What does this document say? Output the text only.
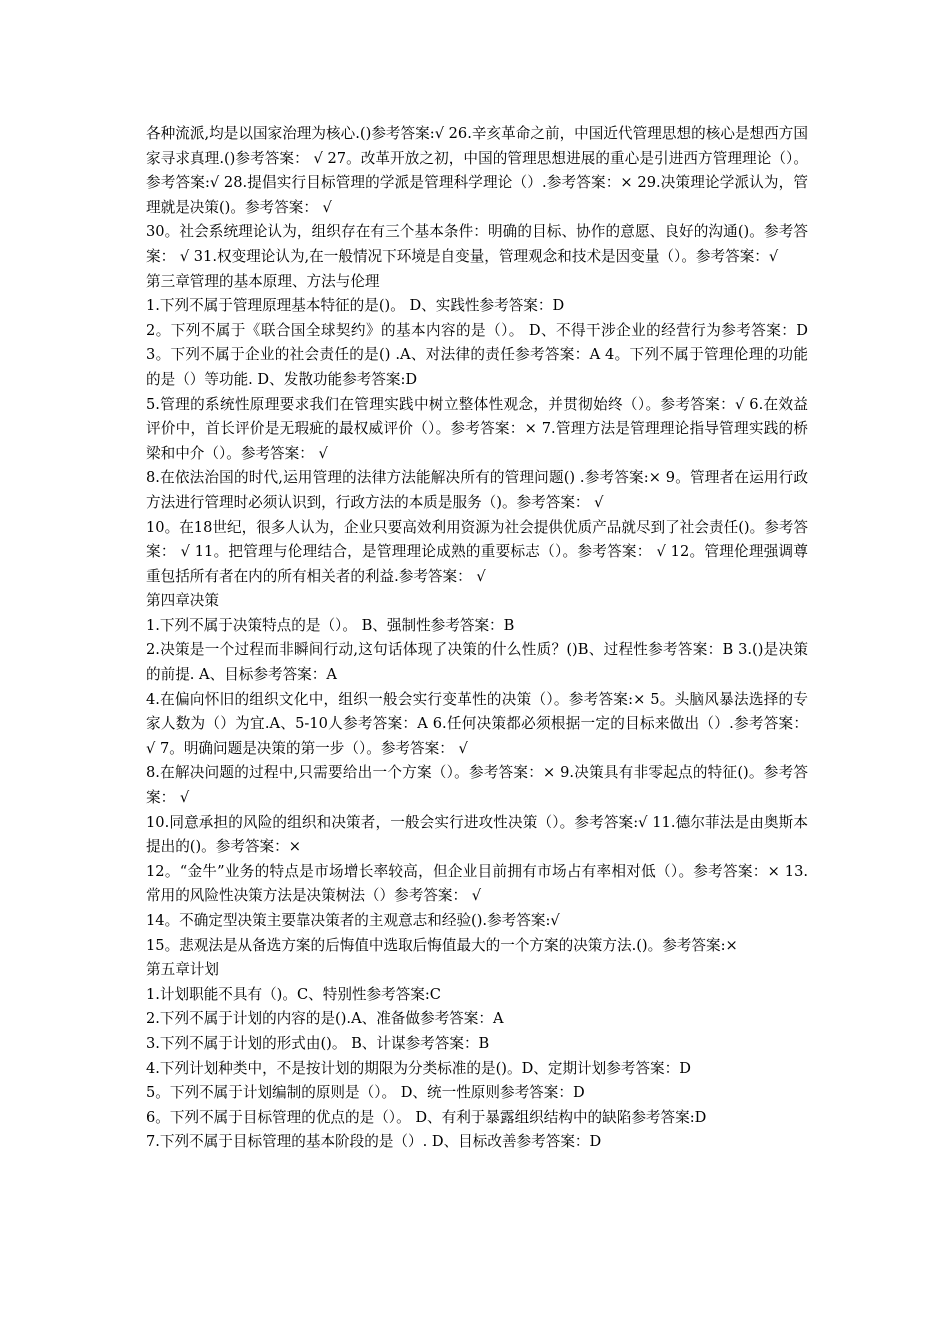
各种流派,均是以国家治理为核心.()参考答案:√ 26.辛亥革命之前，中国近代管理思想的核心是想西方国家寻求真理.()参考答案： √ 27。改革开放之初，中国的管理思想进展的重心是引进西方管理理论（）。参考答案:√ 28.提倡实行目标管理的学派是管理科学理论（）.参考答案：× 29.决策理论学派认为，管理就是决策()。参考答案： √

30。社会系统理论认为，组织存在有三个基本条件：明确的目标、协作的意愿、良好的沟通()。参考答案： √ 31.权变理论认为,在一般情况下环境是自变量，管理观念和技术是因变量（）。参考答案：√

第三章管理的基本原理、方法与伦理

1.下列不属于管理原理基本特征的是()。 D、实践性参考答案：D

2。下列不属于《联合国全球契约》的基本内容的是（）。 D、不得干涉企业的经营行为参考答案：D 3。下列不属于企业的社会责任的是() .A、对法律的责任参考答案：A 4。下列不属于管理伦理的功能的是（）等功能. D、发散功能参考答案:D

5.管理的系统性原理要求我们在管理实践中树立整体性观念，并贯彻始终（）。参考答案：√ 6.在效益评价中，首长评价是无瑕疵的最权威评价（）。参考答案：× 7.管理方法是管理理论指导管理实践的桥梁和中介（）。参考答案： √

8.在依法治国的时代,运用管理的法律方法能解决所有的管理问题() .参考答案:× 9。管理者在运用行政方法进行管理时必须认识到，行政方法的本质是服务（)。参考答案： √

10。在18世纪，很多人认为，企业只要高效利用资源为社会提供优质产品就尽到了社会责任()。参考答案： √ 11。把管理与伦理结合，是管理理论成熟的重要标志（）。参考答案： √ 12。管理伦理强调尊重包括所有者在内的所有相关者的利益.参考答案： √

第四章决策

1.下列不属于决策特点的是（）。 B、强制性参考答案：B

2.决策是一个过程而非瞬间行动,这句话体现了决策的什么性质？()B、过程性参考答案：B 3.()是决策的前提. A、目标参考答案：A

4.在偏向怀旧的组织文化中，组织一般会实行变革性的决策（）。参考答案:× 5。头脑风暴法选择的专家人数为（）为宜.A、5-10人参考答案：A 6.任何决策都必须根据一定的目标来做出（）.参考答案： √ 7。明确问题是决策的第一步（）。参考答案： √

8.在解决问题的过程中,只需要给出一个方案（）。参考答案：× 9.决策具有非零起点的特征()。参考答案： √

10.同意承担的风险的组织和决策者，一般会实行进攻性决策（）。参考答案:√ 11.德尔菲法是由奥斯本提出的()。参考答案：×

12。“金牛”业务的特点是市场增长率较高，但企业目前拥有市场占有率相对低（）。参考答案：× 13.常用的风险性决策方法是决策树法（）参考答案： √

14。不确定型决策主要靠决策者的主观意志和经验().参考答案:√

15。悲观法是从备选方案的后悔值中选取后悔值最大的一个方案的决策方法.()。参考答案:×

第五章计划

1.计划职能不具有（)。C、特别性参考答案:C

2.下列不属于计划的内容的是().A、准备做参考答案：A

3.下列不属于计划的形式由()。 B、计谋参考答案：B

4.下列计划种类中，不是按计划的期限为分类标准的是()。D、定期计划参考答案：D

5。下列不属于计划编制的原则是（）。 D、统一性原则参考答案：D

6。下列不属于目标管理的优点的是（）。 D、有利于暴露组织结构中的缺陷参考答案:D

7.下列不属于目标管理的基本阶段的是（）. D、目标改善参考答案：D
